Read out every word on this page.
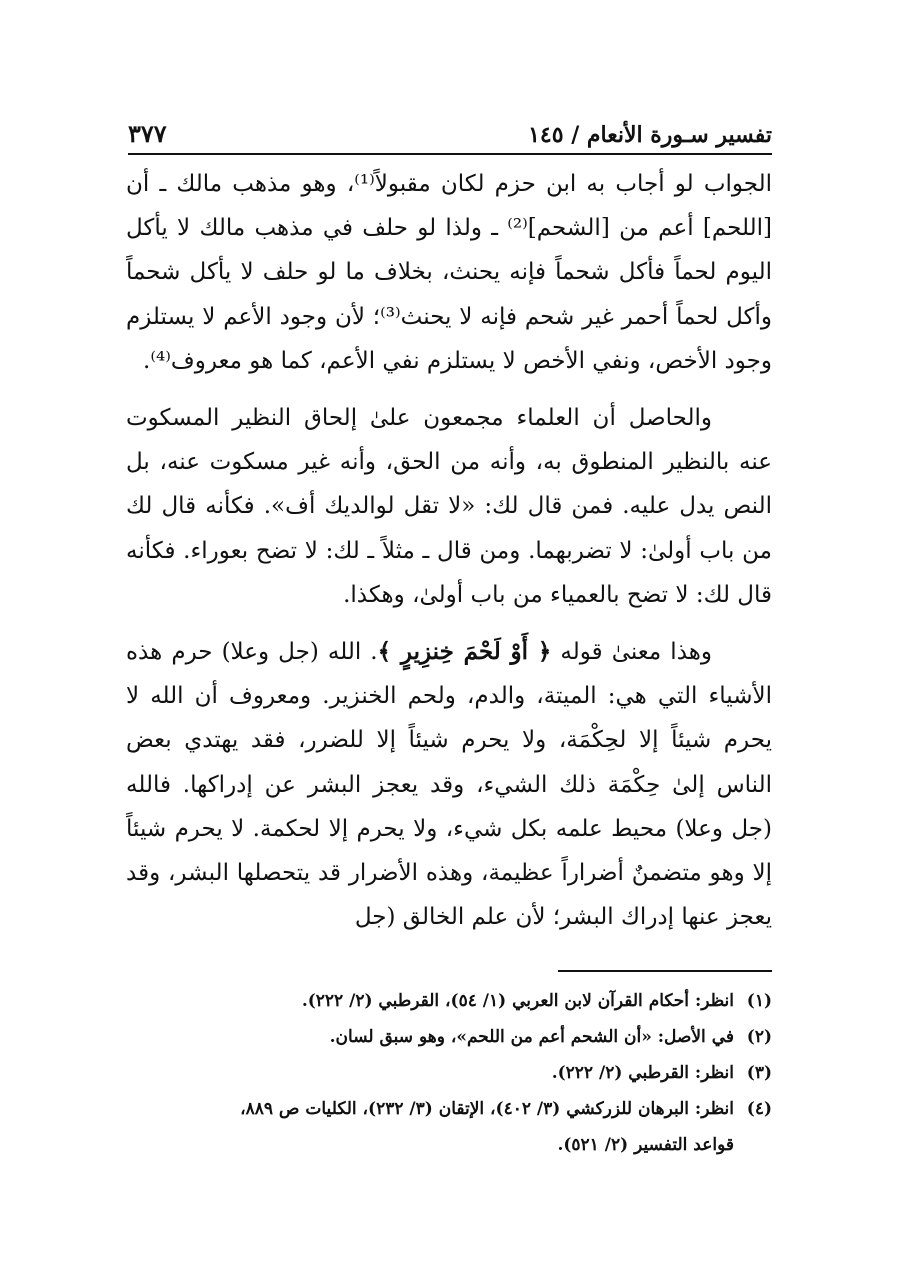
تفسير سـورة الأنعام / ١٤٥
٣٧٧

الجواب لو أجاب به ابن حزم لكان مقبولاً⁽¹⁾، وهو مذهب مالك ـ أن [اللحم] أعم من [الشحم]⁽²⁾ ـ ولذا لو حلف في مذهب مالك لا يأكل اليوم لحماً فأكل شحماً فإنه يحنث، بخلاف ما لو حلف لا يأكل شحماً وأكل لحماً أحمر غير شحم فإنه لا يحنث⁽³⁾؛ لأن وجود الأعم لا يستلزم وجود الأخص، ونفي الأخص لا يستلزم نفي الأعم، كما هو معروف⁽⁴⁾.

والحاصل أن العلماء مجمعون علىٰ إلحاق النظير المسكوت عنه بالنظير المنطوق به، وأنه من الحق، وأنه غير مسكوت عنه، بل النص يدل عليه. فمن قال لك: «لا تقل لوالديك أف». فكأنه قال لك من باب أولىٰ: لا تضربهما. ومن قال ـ مثلاً ـ لك: لا تضح بعوراء. فكأنه قال لك: لا تضح بالعمياء من باب أولىٰ، وهكذا.

وهذا معنىٰ قوله ﴿ أَوْ لَحْمَ خِنزِيرٍ ﴾. الله (جل وعلا) حرم هذه الأشياء التي هي: الميتة، والدم، ولحم الخنزير. ومعروف أن الله لا يحرم شيئاً إلا لحِكْمَة، ولا يحرم شيئاً إلا للضرر، فقد يهتدي بعض الناس إلىٰ حِكْمَة ذلك الشيء، وقد يعجز البشر عن إدراكها. فالله (جل وعلا) محيط علمه بكل شيء، ولا يحرم إلا لحكمة. لا يحرم شيئاً إلا وهو متضمنٌ أضراراً عظيمة، وهذه الأضرار قد يتحصلها البشر، وقد يعجز عنها إدراك البشر؛ لأن علم الخالق (جل

(١)
انظر: أحكام القرآن لابن العربي (١/ ٥٤)، القرطبي (٢/ ٢٢٢).

(٢)
في الأصل: «أن الشحم أعم من اللحم»، وهو سبق لسان.

(٣)
انظر: القرطبي (٢/ ٢٢٢).

(٤)
انظر: البرهان للزركشي (٣/ ٤٠٢)، الإتقان (٣/ ٢٣٢)، الكليات ص ٨٨٩،
قواعد التفسير (٢/ ٥٢١).
